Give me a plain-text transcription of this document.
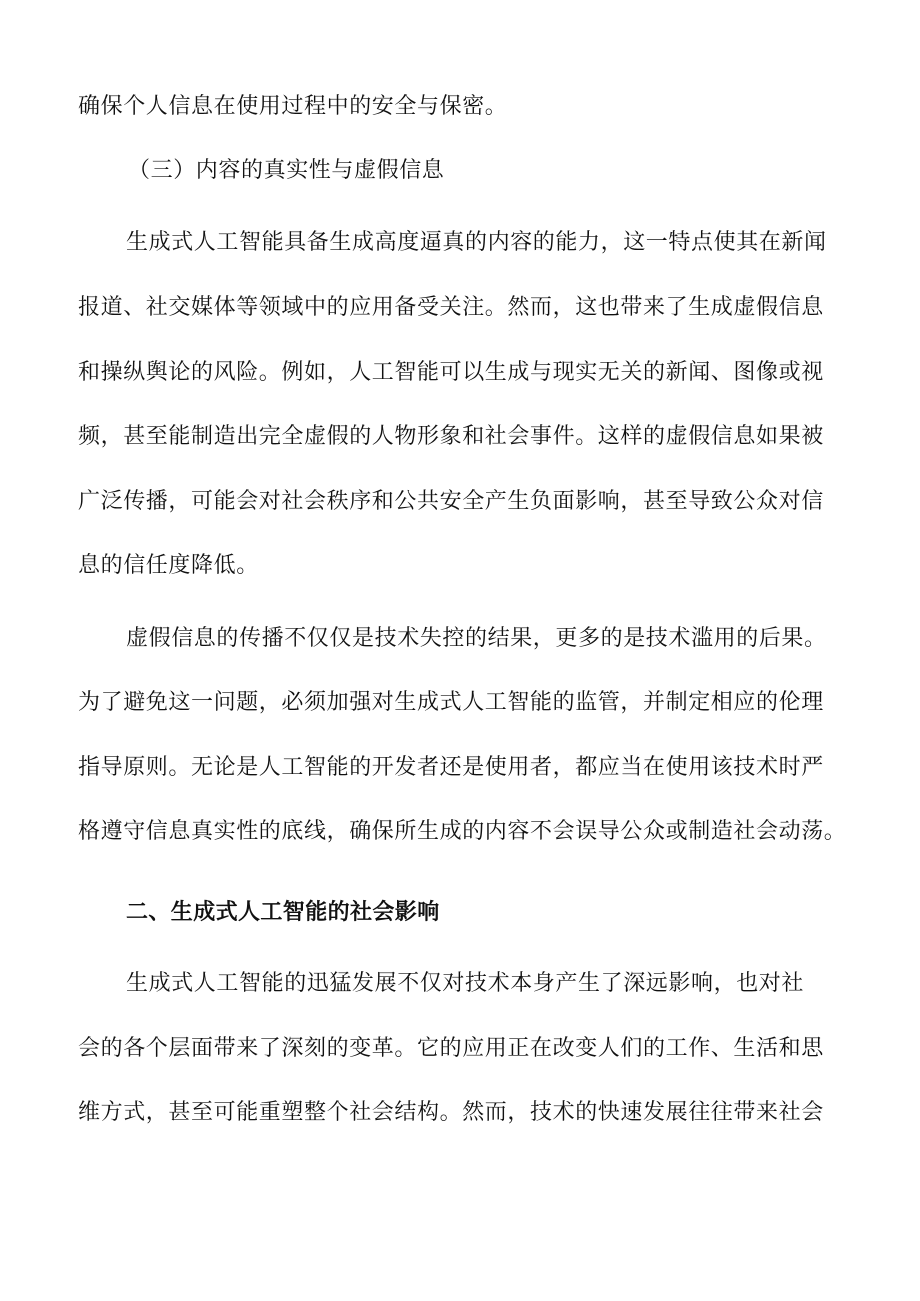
确保个人信息在使用过程中的安全与保密。
（三）内容的真实性与虚假信息
生成式人工智能具备生成高度逼真的内容的能力，这一特点使其在新闻
报道、社交媒体等领域中的应用备受关注。然而，这也带来了生成虚假信息
和操纵舆论的风险。例如，人工智能可以生成与现实无关的新闻、图像或视
频，甚至能制造出完全虚假的人物形象和社会事件。这样的虚假信息如果被
广泛传播，可能会对社会秩序和公共安全产生负面影响，甚至导致公众对信
息的信任度降低。
虚假信息的传播不仅仅是技术失控的结果，更多的是技术滥用的后果。
为了避免这一问题，必须加强对生成式人工智能的监管，并制定相应的伦理
指导原则。无论是人工智能的开发者还是使用者，都应当在使用该技术时严
格遵守信息真实性的底线，确保所生成的内容不会误导公众或制造社会动荡。
二、生成式人工智能的社会影响
生成式人工智能的迅猛发展不仅对技术本身产生了深远影响，也对社
会的各个层面带来了深刻的变革。它的应用正在改变人们的工作、生活和思
维方式，甚至可能重塑整个社会结构。然而，技术的快速发展往往带来社会
